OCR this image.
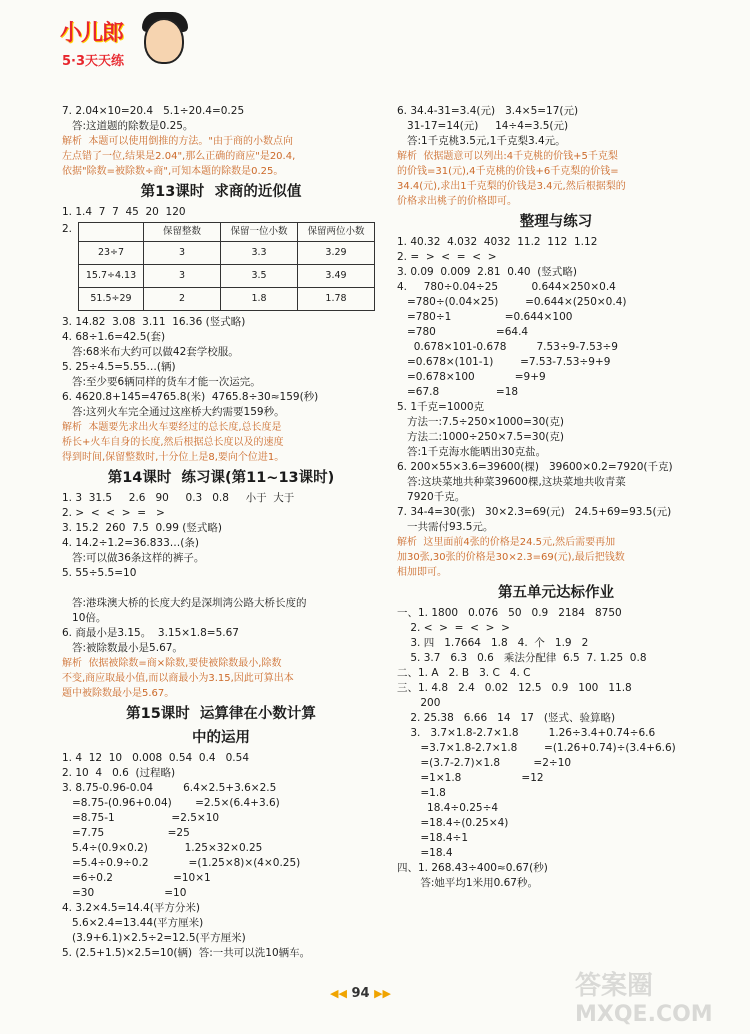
小儿郎
5·3天天练
7. 2.04×10=20.4   5.1÷20.4=0.25
答:这道题的除数是0.25。
解析  本题可以使用倒推的方法。"由于商的小数点向
左点错了一位,结果是2.04",那么正确的商应"是20.4,
依据"除数=被除数÷商",可知本题的除数是0.25。
第13课时  求商的近似值
1. 1.4  7  7  45  20  120
2.
		保留整数	保留一位小数	保留两位小数
23÷7	3	3.3	3.29
15.7÷4.13	3	3.5	3.49
51.5÷29	2	1.8	1.78
3. 14.82  3.08  3.11  16.36 (竖式略)
4. 68÷1.6=42.5(套)
答:68米布大约可以做42套学校服。
5. 25÷4.5=5.55…(辆)
答:至少要6辆同样的货车才能一次运完。
6. 4620.8+145=4765.8(米)  4765.8÷30≈159(秒)
答:这列火车完全通过这座桥大约需要159秒。
解析  本题要先求出火车要经过的总长度,总长度是
桥长+火车自身的长度,然后根据总长度以及的速度
得到时间,保留整数时,十分位上是8,要向个位进1。
第14课时  练习课(第11~13课时)
1. 3  31.5     2.6   90     0.3   0.8     小于  大于
2. >  <  <  >  =   >
3. 15.2  260  7.5  0.99 (竖式略)
4. 14.2÷1.2=36.833…(条)
答:可以做36条这样的裤子。
5. 55÷5.5=10
答:港珠澳大桥的长度大约是深圳湾公路大桥长度的
10倍。
6. 商最小是3.15。  3.15×1.8=5.67
答:被除数最小是5.67。
解析  依据被除数=商×除数,要使被除数最小,除数
不变,商应取最小值,而以商最小为3.15,因此可算出本
题中被除数最小是5.67。
第15课时  运算律在小数计算
中的运用
1. 4  12  10   0.008  0.54  0.4   0.54
2. 10  4   0.6  (过程略)
3. 8.75-0.96-0.04         6.4×2.5+3.6×2.5
=8.75-(0.96+0.04)       =2.5×(6.4+3.6)
=8.75-1                 =2.5×10
=7.75                   =25
5.4÷(0.9×0.2)           1.25×32×0.25
=5.4÷0.9÷0.2            =(1.25×8)×(4×0.25)
=6÷0.2                  =10×1
=30                     =10
4. 3.2×4.5=14.4(平方分米)
5.6×2.4=13.44(平方厘米)
(3.9+6.1)×2.5÷2=12.5(平方厘米)
5. (2.5+1.5)×2.5=10(辆)  答:一共可以洗10辆车。
6. 34.4-31=3.4(元)   3.4×5=17(元)
31-17=14(元)     14÷4=3.5(元)
答:1千克桃3.5元,1千克梨3.4元。
解析  依据题意可以列出:4千克桃的价钱+5千克梨
的价钱=31(元),4千克桃的价钱+6千克梨的价钱=
34.4(元),求出1千克梨的价钱是3.4元,然后根据梨的
价格求出桃子的价格即可。
整理与练习
1. 40.32  4.032  4032  11.2  112  1.12
2. =  >  <  =  <  >
3. 0.09  0.009  2.81  0.40  (竖式略)
4.     780÷0.04÷25          0.644×250×0.4
=780÷(0.04×25)        =0.644×(250×0.4)
=780÷1                =0.644×100
=780                  =64.4
0.678×101-0.678         7.53÷9-7.53÷9
=0.678×(101-1)        =7.53-7.53÷9+9
=0.678×100            =9+9
=67.8                 =18
5. 1千克=1000克
方法一:7.5÷250×1000=30(克)
方法二:1000÷250×7.5=30(克)
答:1千克海水能晒出30克盐。
6. 200×55×3.6=39600(棵)   39600×0.2=7920(千克)
答:这块菜地共种菜39600棵,这块菜地共收青菜
7920千克。
7. 34-4=30(张)   30×2.3=69(元)   24.5+69=93.5(元)
一共需付93.5元。
解析  这里面前4张的价格是24.5元,然后需要再加
加30张,30张的价格是30×2.3=69(元),最后把钱数
相加即可。
第五单元达标作业
一、1. 1800   0.076   50   0.9   2184   8750
2. <  >  =  <  >  >
3. 四   1.7664   1.8   4.  个   1.9   2
5. 3.7   6.3   0.6   乘法分配律  6.5  7. 1.25  0.8
二、1. A   2. B   3. C   4. C
三、1. 4.8   2.4   0.02   12.5   0.9   100   11.8
200
2. 25.38   6.66   14   17   (竖式、验算略)
3.   3.7×1.8-2.7×1.8         1.26÷3.4+0.74÷6.6
=3.7×1.8-2.7×1.8        =(1.26+0.74)÷(3.4+6.6)
=(3.7-2.7)×1.8          =2÷10
=1×1.8                  =12
=1.8
18.4÷0.25÷4
=18.4÷(0.25×4)
=18.4÷1
=18.4
四、1. 268.43÷400≈0.67(秒)
答:她平均1米用0.67秒。
◀◀ 94 ▶▶	答案圈
MXQE.COM
